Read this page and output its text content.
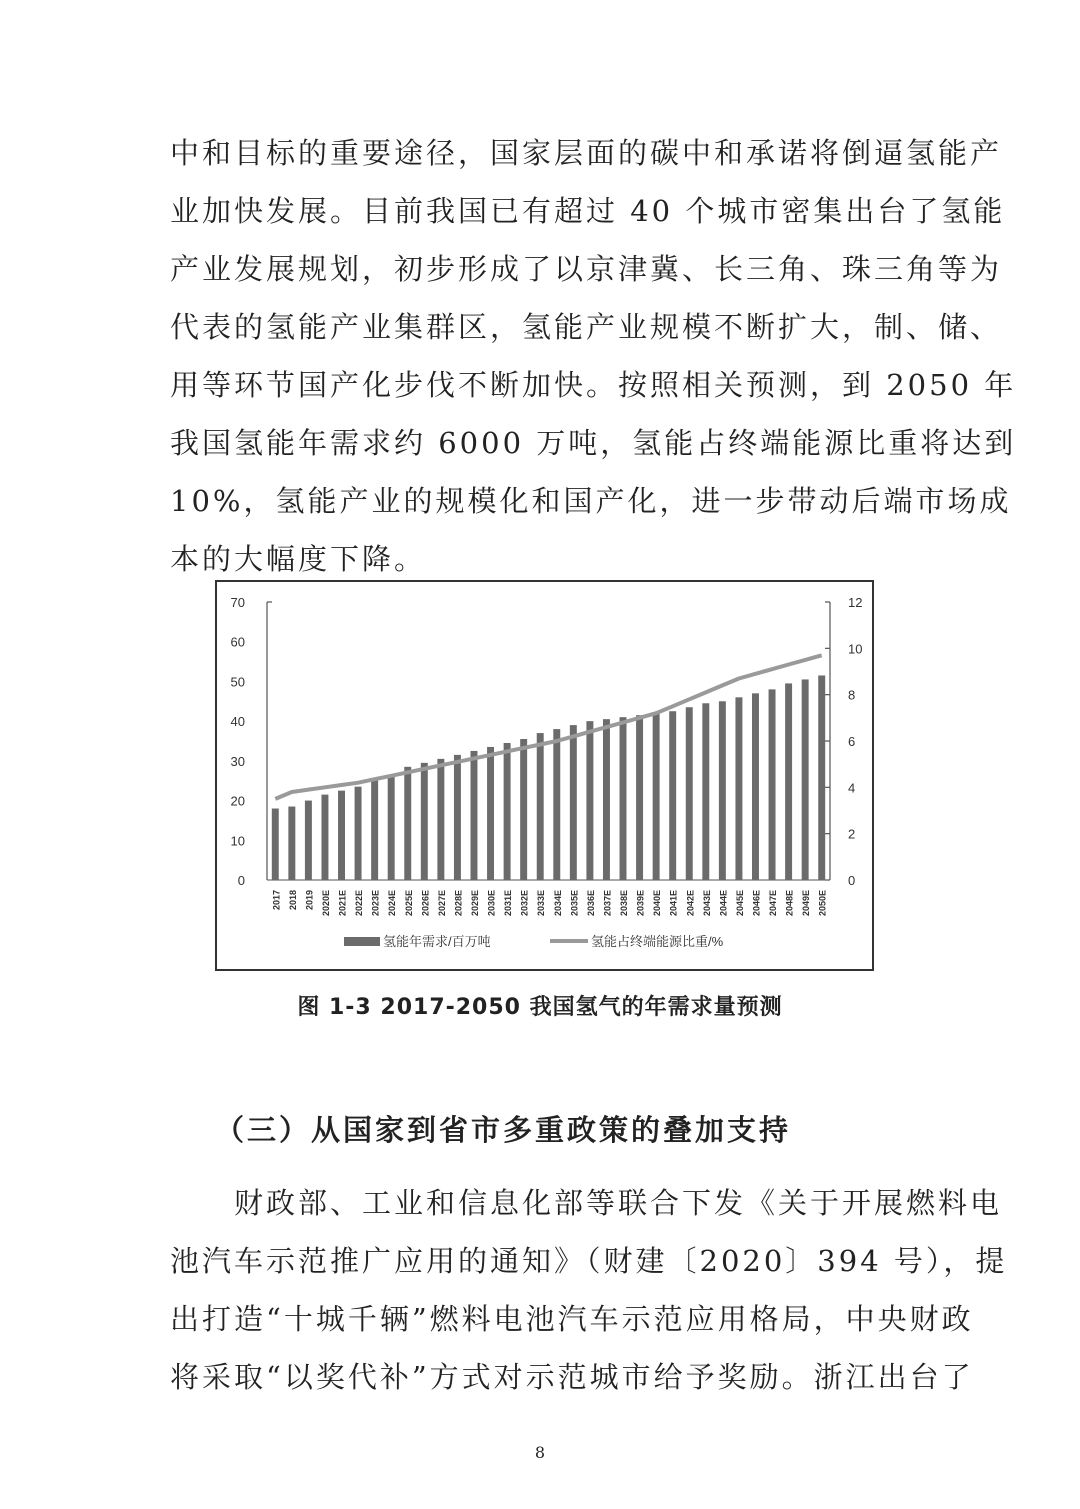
中和目标的重要途径，国家层面的碳中和承诺将倒逼氢能产
业加快发展。目前我国已有超过 40 个城市密集出台了氢能
产业发展规划，初步形成了以京津冀、长三角、珠三角等为
代表的氢能产业集群区，氢能产业规模不断扩大，制、储、
用等环节国产化步伐不断加快。按照相关预测，到 2050 年
我国氢能年需求约 6000 万吨，氢能占终端能源比重将达到
10%，氢能产业的规模化和国产化，进一步带动后端市场成
本的大幅度下降。
0
10
20
30
40
50
60
70
0
2
4
6
8
10
12
2017 2018 2019 2020E 2021E 2022E 2023E 2024E 2025E 2026E 2027E 2028E 2029E 2030E 2031E 2032E 2033E 2034E 2035E 2036E 2037E 2038E 2039E 2040E 2041E 2042E 2043E 2044E 2045E 2046E 2047E 2048E 2049E 2050E
氢能年需求/百万吨	氢能占终端能源比重/%
图 1-3 2017-2050 我国氢气的年需求量预测
（三）从国家到省市多重政策的叠加支持
　　财政部、工业和信息化部等联合下发《关于开展燃料电
池汽车示范推广应用的通知》（财建〔2020〕394 号），提
出打造“十城千辆”燃料电池汽车示范应用格局，中央财政
将采取“以奖代补”方式对示范城市给予奖励。浙江出台了
8
